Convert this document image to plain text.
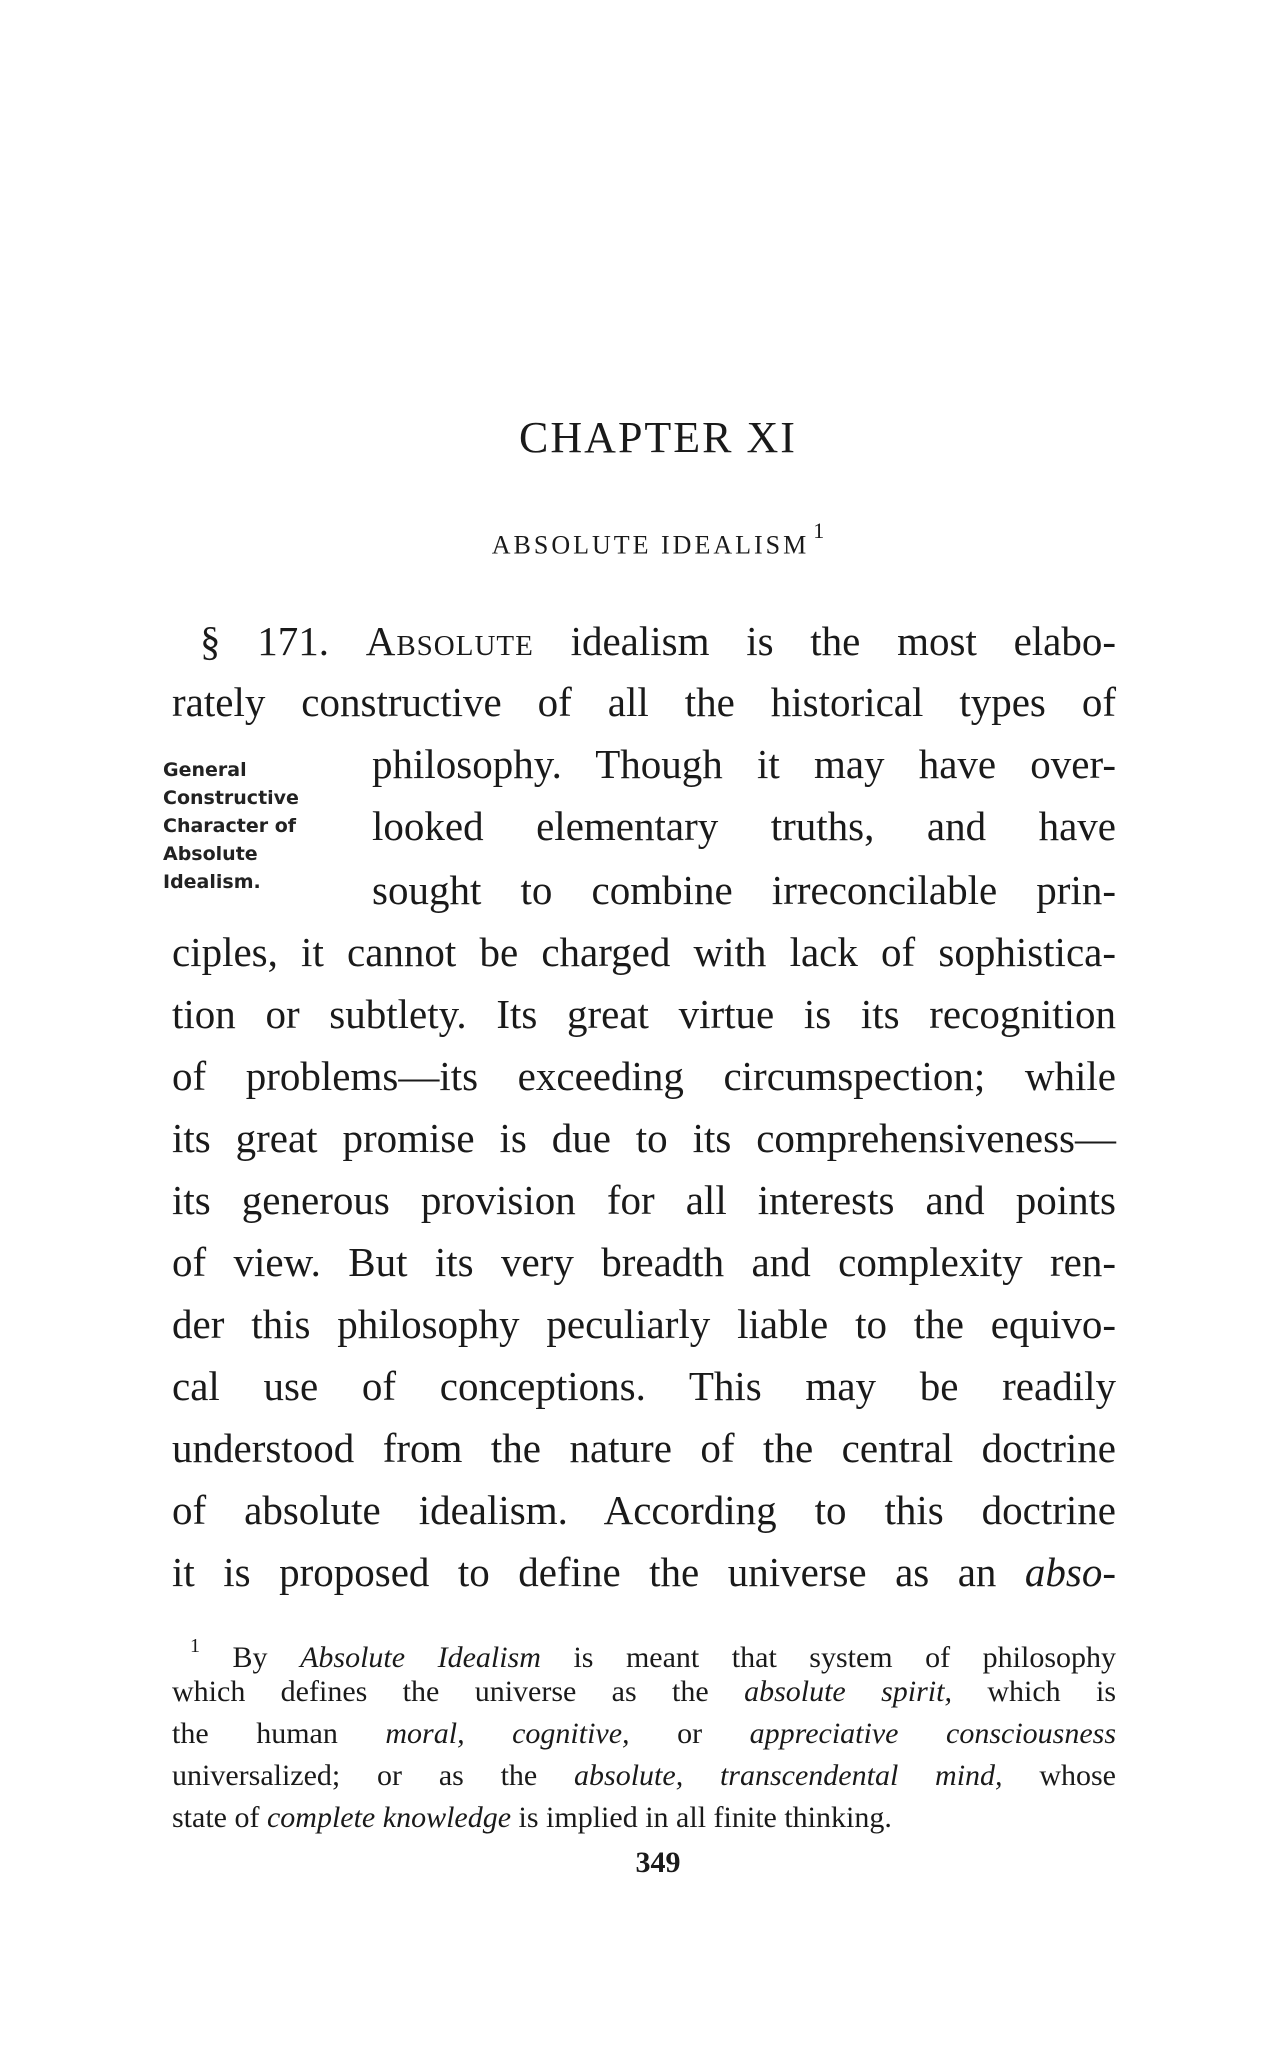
CHAPTER XI
ABSOLUTE IDEALISM$^1$
§ 171. Absolute idealism is the most elabo-
rately constructive of all the historical types of
General
Constructive
Character of
Absolute
Idealism.
philosophy. Though it may have over-
looked elementary truths, and have
sought to combine irreconcilable prin-
ciples, it cannot be charged with lack of sophistica-
tion or subtlety. Its great virtue is its recognition
of problems—its exceeding circumspection; while
its great promise is due to its comprehensiveness—
its generous provision for all interests and points
of view. But its very breadth and complexity ren-
der this philosophy peculiarly liable to the equivo-
cal use of conceptions. This may be readily
understood from the nature of the central doctrine
of absolute idealism. According to this doctrine
it is proposed to define the universe as an abso-
$^1$ By Absolute Idealism is meant that system of philosophy
which defines the universe as the absolute spirit, which is
the human moral, cognitive, or appreciative consciousness
universalized; or as the absolute, transcendental mind, whose
state of complete knowledge is implied in all finite thinking.
349
